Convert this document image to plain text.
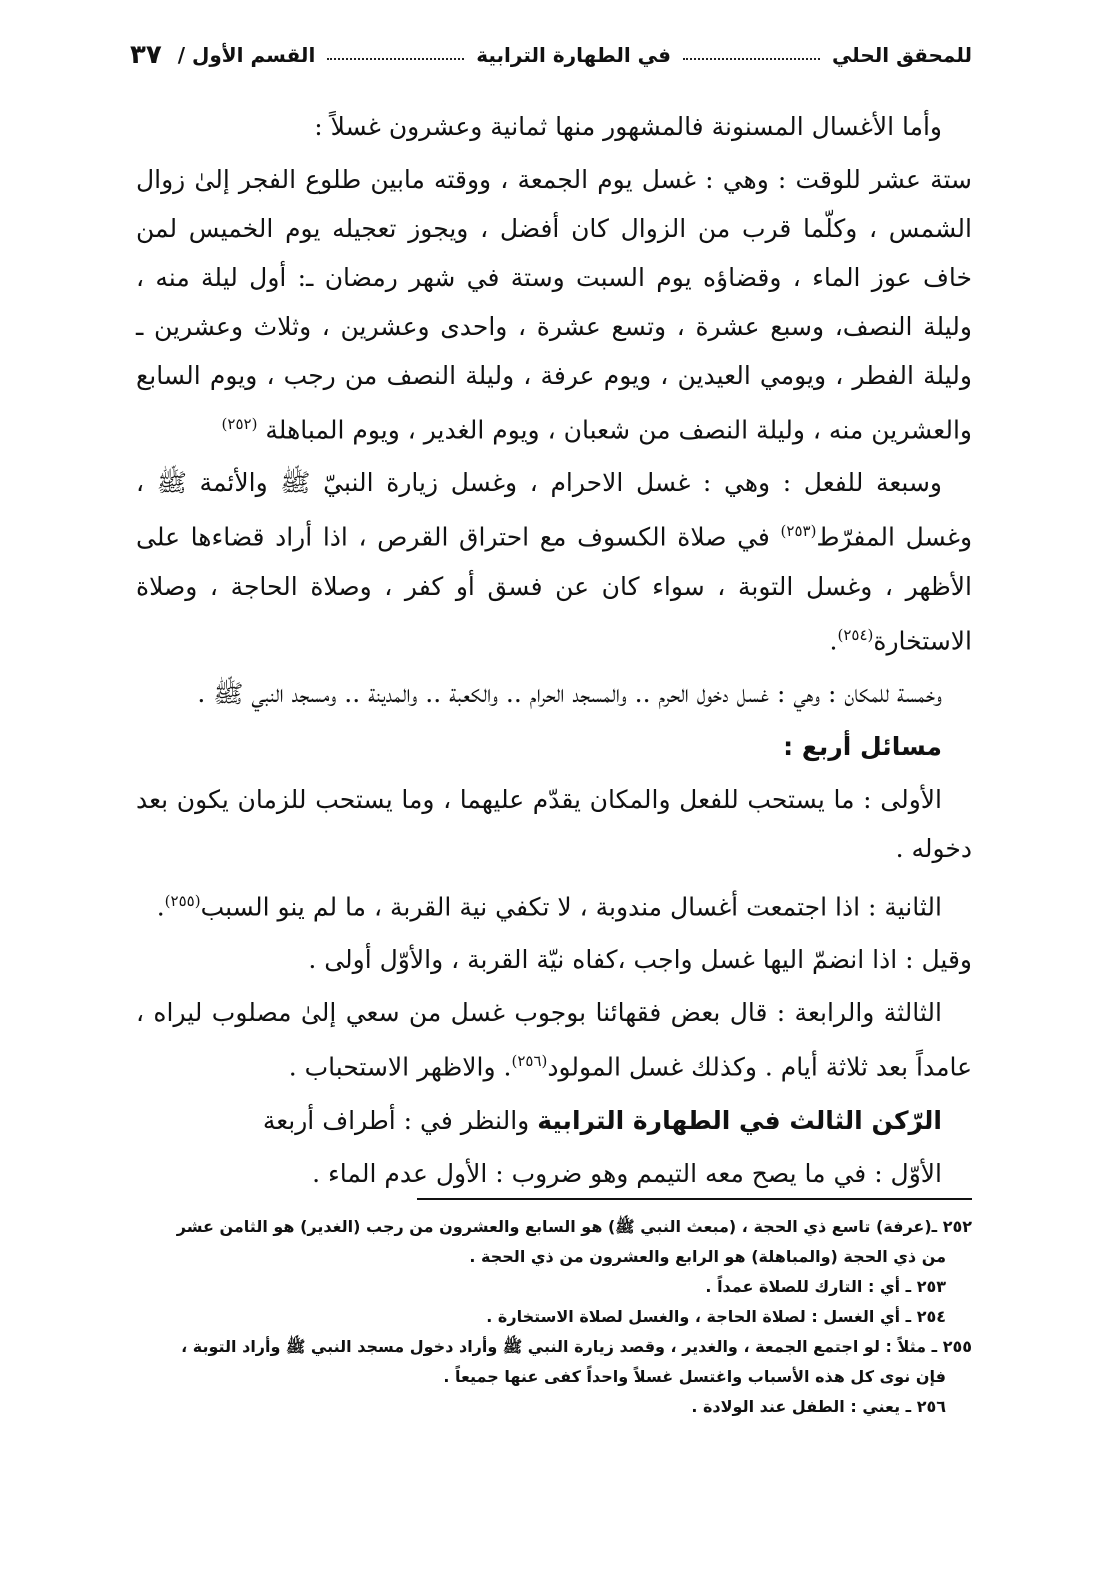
للمحقق الحلي
في الطهارة الترابية
القسم الأول /
٣٧

وأما الأغسال المسنونة فالمشهور منها ثمانية وعشرون غسلاً :

ستة عشر للوقت : وهي : غسل يوم الجمعة ، ووقته مابين طلوع الفجر إلىٰ زوال الشمس ، وكلّما قرب من الزوال كان أفضل ، ويجوز تعجيله يوم الخميس لمن خاف عوز الماء ، وقضاؤه يوم السبت وستة في شهر رمضان ـ: أول ليلة منه ، وليلة النصف، وسبع عشرة ، وتسع عشرة ، واحدى وعشرين ، وثلاث وعشرين ـ وليلة الفطر ، ويومي العيدين ، ويوم عرفة ، وليلة النصف من رجب ، ويوم السابع والعشرين منه ، وليلة النصف من شعبان ، ويوم الغدير ، ويوم المباهلة $^{(٢٥٢)}$

وسبعة للفعل : وهي : غسل الاحرام ، وغسل زيارة النبيّ ﷺ والأئمة ﷺ ، وغسل المفرّط$^{(٢٥٣)}$ في صلاة الكسوف مع احتراق القرص ، اذا أراد قضاءها على الأظهر ، وغسل التوبة ، سواء كان عن فسق أو كفر ، وصلاة الحاجة ، وصلاة الاستخارة$^{(٢٥٤)}$.

وخمسة للمكان : وهي : غسل دخول الحرم .. والمسجد الحرام .. والكعبة .. والمدينة .. ومسجد النبي ﷺ .

مسائل أربع :

الأولى : ما يستحب للفعل والمكان يقدّم عليهما ، وما يستحب للزمان يكون بعد دخوله .

الثانية : اذا اجتمعت أغسال مندوبة ، لا تكفي نية القربة ، ما لم ينو السبب$^{(٢٥٥)}$.

وقيل : اذا انضمّ اليها غسل واجب ،كفاه نيّة القربة ، والأوّل أولى .

الثالثة والرابعة : قال بعض فقهائنا بوجوب غسل من سعي إلىٰ مصلوب ليراه ، عامداً بعد ثلاثة أيام . وكذلك غسل المولود$^{(٢٥٦)}$. والاظهر الاستحباب .

الرّكن الثالث في الطهارة الترابية والنظر في : أطراف أربعة

الأوّل : في ما يصح معه التيمم وهو ضروب : الأول عدم الماء .

٢٥٢ ـ(عرفة) تاسع ذي الحجة ، (مبعث النبي ﷺ) هو السابع والعشرون من رجب (الغدير) هو الثامن عشر
من ذي الحجة (والمباهلة) هو الرابع والعشرون من ذي الحجة .
٢٥٣ ـ أي : التارك للصلاة عمداً .
٢٥٤ ـ أي الغسل : لصلاة الحاجة ، والغسل لصلاة الاستخارة .
٢٥٥ ـ مثلاً : لو اجتمع الجمعة ، والغدير ، وقصد زيارة النبي ﷺ وأراد دخول مسجد النبي ﷺ وأراد التوبة ،
فإن نوى كل هذه الأسباب واغتسل غسلاً واحداً كفى عنها جميعاً .
٢٥٦ ـ يعني : الطفل عند الولادة .
